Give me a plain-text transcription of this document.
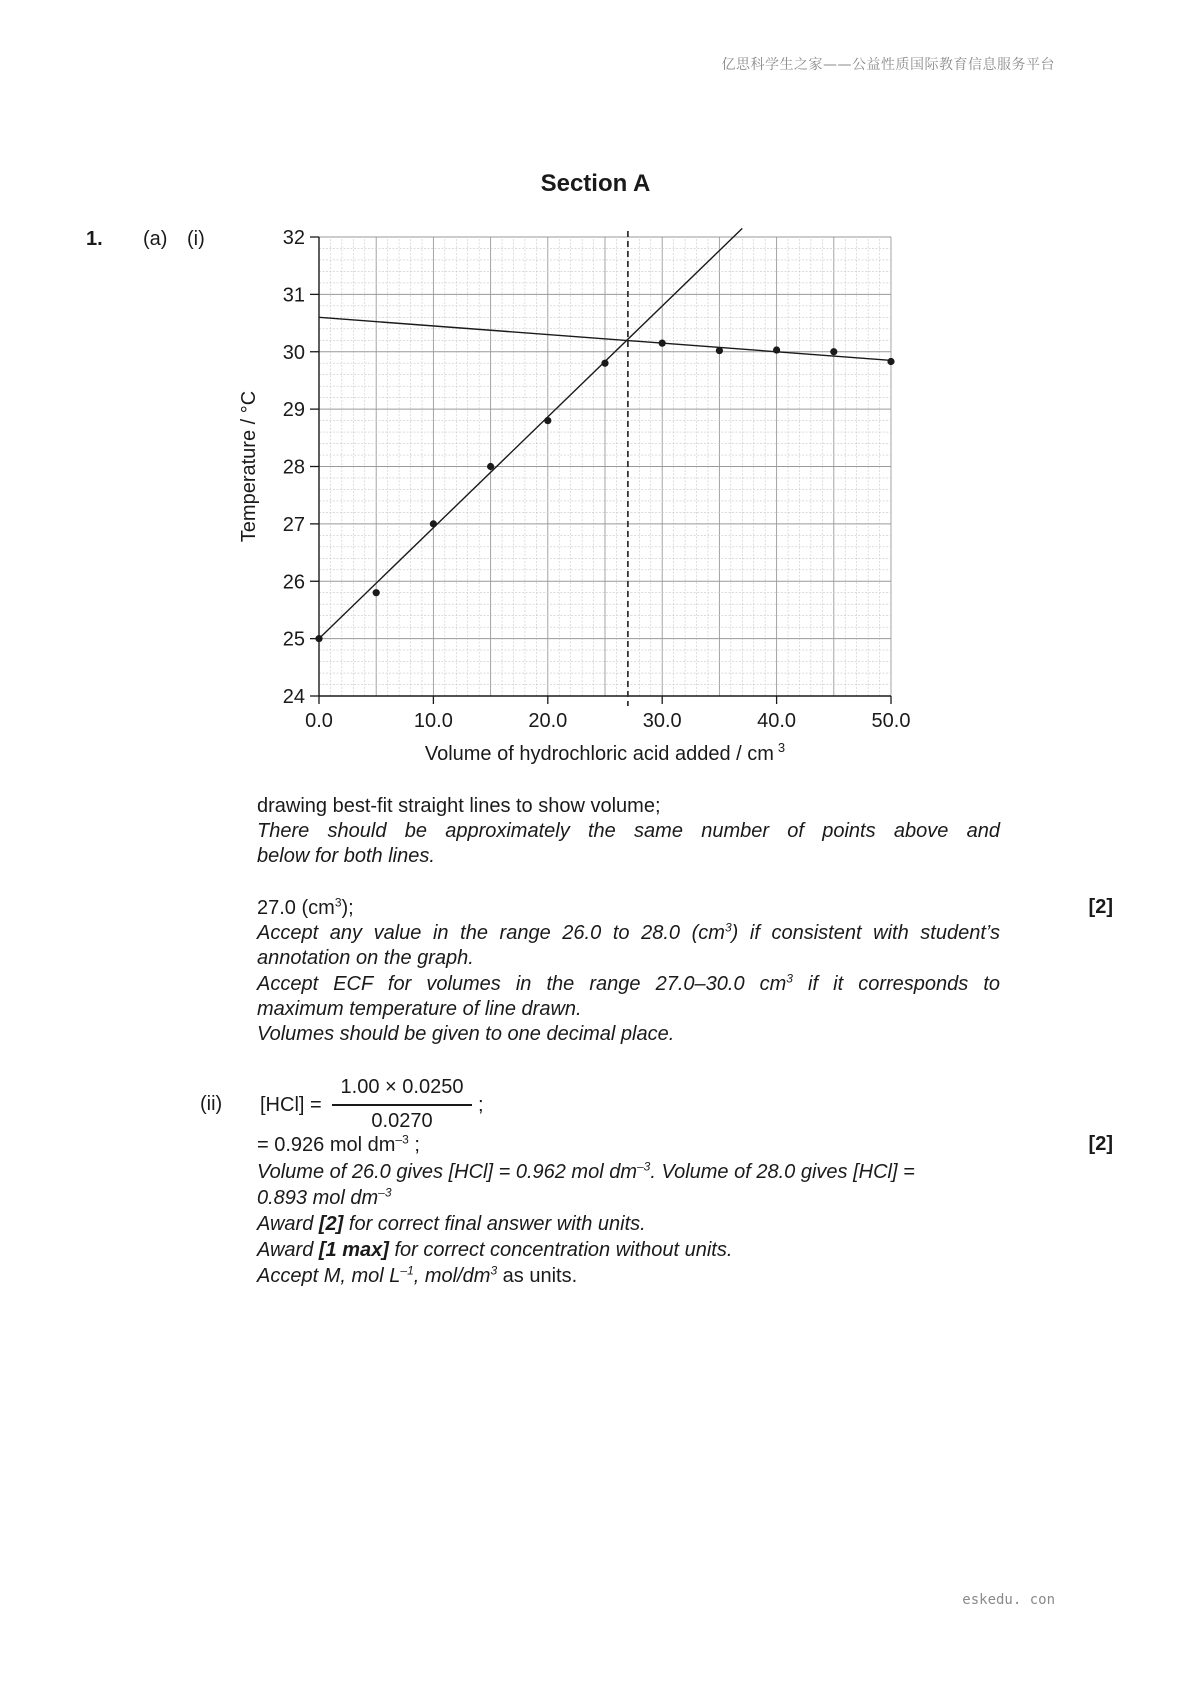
亿思科学生之家——公益性质国际教育信息服务平台
Section A
1. (a) (i)
24
25
26
27
28
29
30
31
32
0.0	10.0	20.0	30.0	40.0	50.0
Volume of hydrochloric acid added / cm $^3$
Temperature / °C
drawing best-fit straight lines to show volume;
There should be approximately the same number of points above and
below for both lines.
27.0 $(cm^3)$;	[2]
Accept any value in the range 26.0 to 28.0 $(cm^3)$ if consistent with student’s
annotation on the graph.
Accept ECF for volumes in the range 27.0–30.0 $cm^3$ if it corresponds to
maximum temperature of line drawn.
Volumes should be given to one decimal place.
(ii) [HCl] =
1.00 × 0.0250
0.0270
;
= 0.926 mol $dm^{-3}$ ;	[2]
Volume of 26.0 gives [HCl] = 0.962 mol $dm^{-3}$. Volume of 28.0 gives [HCl] =
0.893 mol $dm^{-3}$
Award [2] for correct final answer with units.
Award [1 max] for correct concentration without units.
Accept M, mol $L^{-1}$, mol/$dm^3$ as units.
eskedu. con
